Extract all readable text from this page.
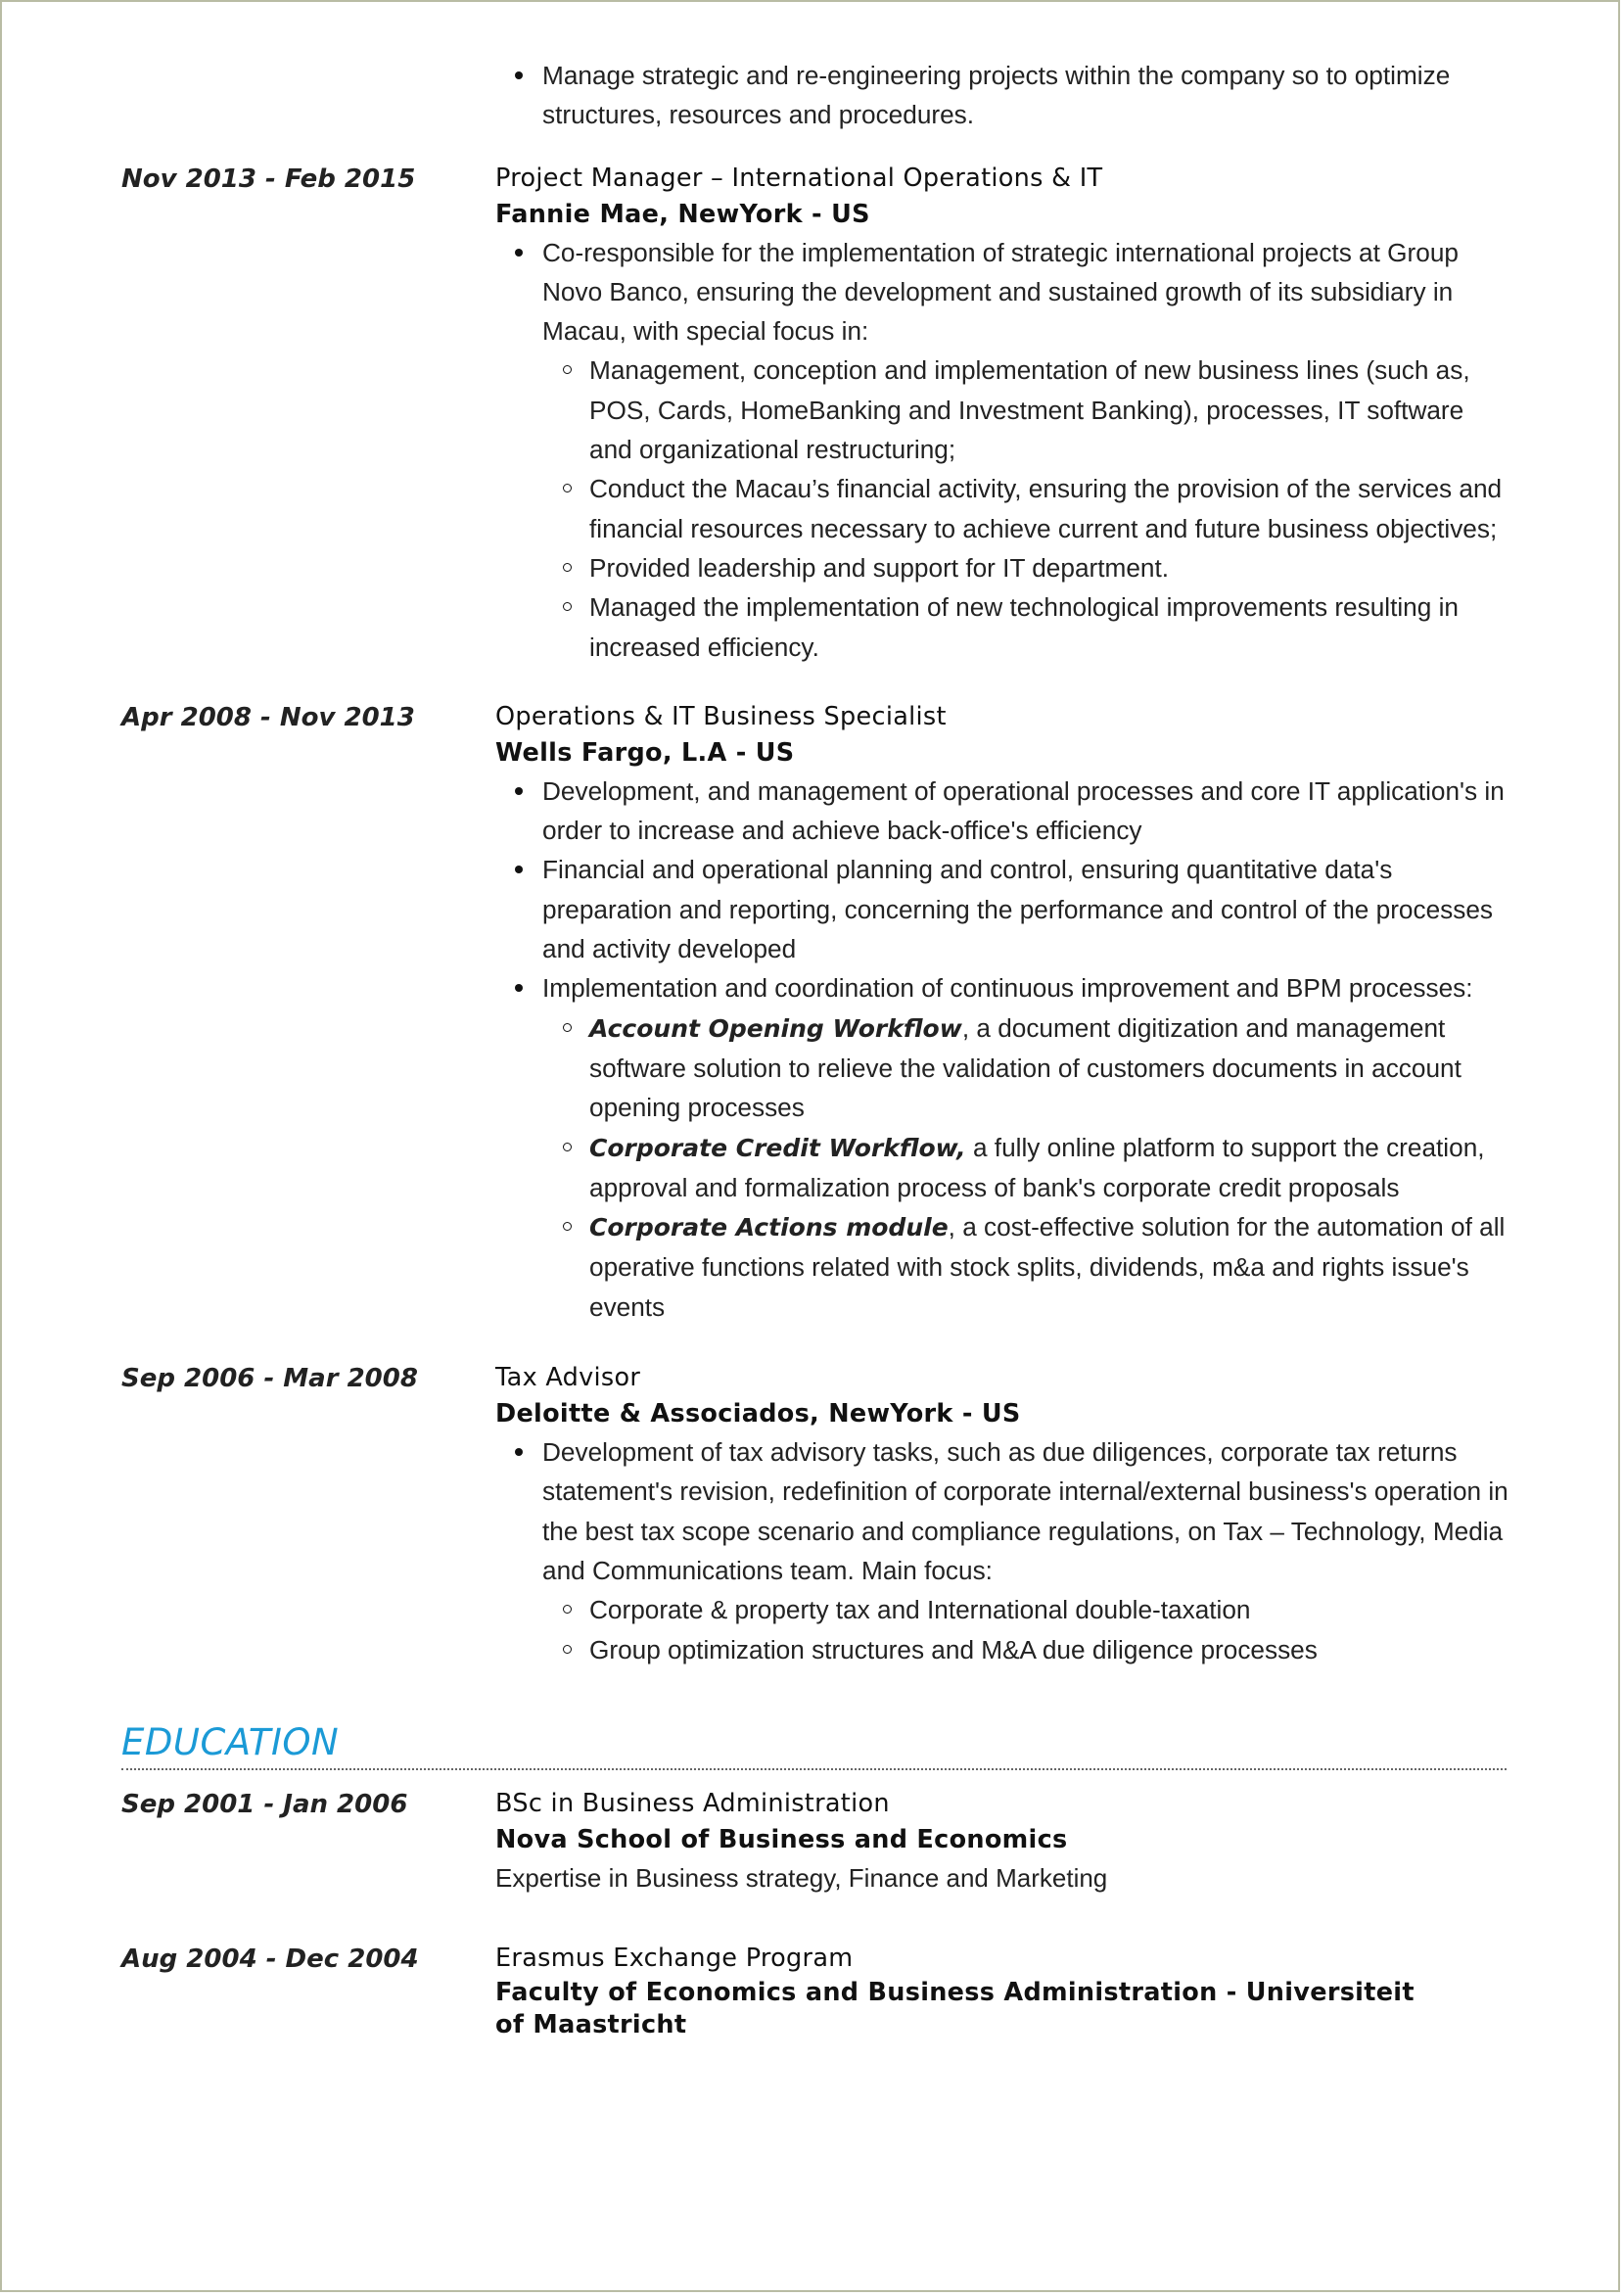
Manage strategic and re-engineering projects within the company so to optimize structures, resources and procedures.
Nov 2013 - Feb 2015	Project Manager – International Operations & IT
Fannie Mae, NewYork - US
Co-responsible for the implementation of strategic international projects at Group Novo Banco, ensuring the development and sustained growth of its subsidiary in Macau, with special focus in:
Management, conception and implementation of new business lines (such as, POS, Cards, HomeBanking and Investment Banking), processes, IT software and organizational restructuring;
Conduct the Macau’s financial activity, ensuring the provision of the services and financial resources necessary to achieve current and future business objectives;
Provided leadership and support for IT department.
Managed the implementation of new technological improvements resulting in increased efficiency.
Apr 2008 - Nov 2013	Operations & IT Business Specialist
Wells Fargo, L.A - US
Development, and management of operational processes and core IT application's in order to increase and achieve back-office's efficiency
Financial and operational planning and control, ensuring quantitative data's preparation and reporting, concerning the performance and control of the processes and activity developed
Implementation and coordination of continuous improvement and BPM processes:
Account Opening Workflow, a document digitization and management software solution to relieve the validation of customers documents in account opening processes
Corporate Credit Workflow, a fully online platform to support the creation, approval and formalization process of bank's corporate credit proposals
Corporate Actions module, a cost-effective solution for the automation of all operative functions related with stock splits, dividends, m&a and rights issue's events
Sep 2006 - Mar 2008	Tax Advisor
Deloitte & Associados, NewYork - US
Development of tax advisory tasks, such as due diligences, corporate tax returns statement's revision, redefinition of corporate internal/external business's operation in the best tax scope scenario and compliance regulations, on Tax – Technology, Media and Communications team. Main focus:
Corporate & property tax and International double-taxation
Group optimization structures and M&A due diligence processes
EDUCATION
Sep 2001 - Jan 2006	BSc in Business Administration
Nova School of Business and Economics
Expertise in Business strategy, Finance and Marketing
Aug 2004 - Dec 2004	Erasmus Exchange Program
Faculty of Economics and Business Administration - Universiteit of Maastricht
